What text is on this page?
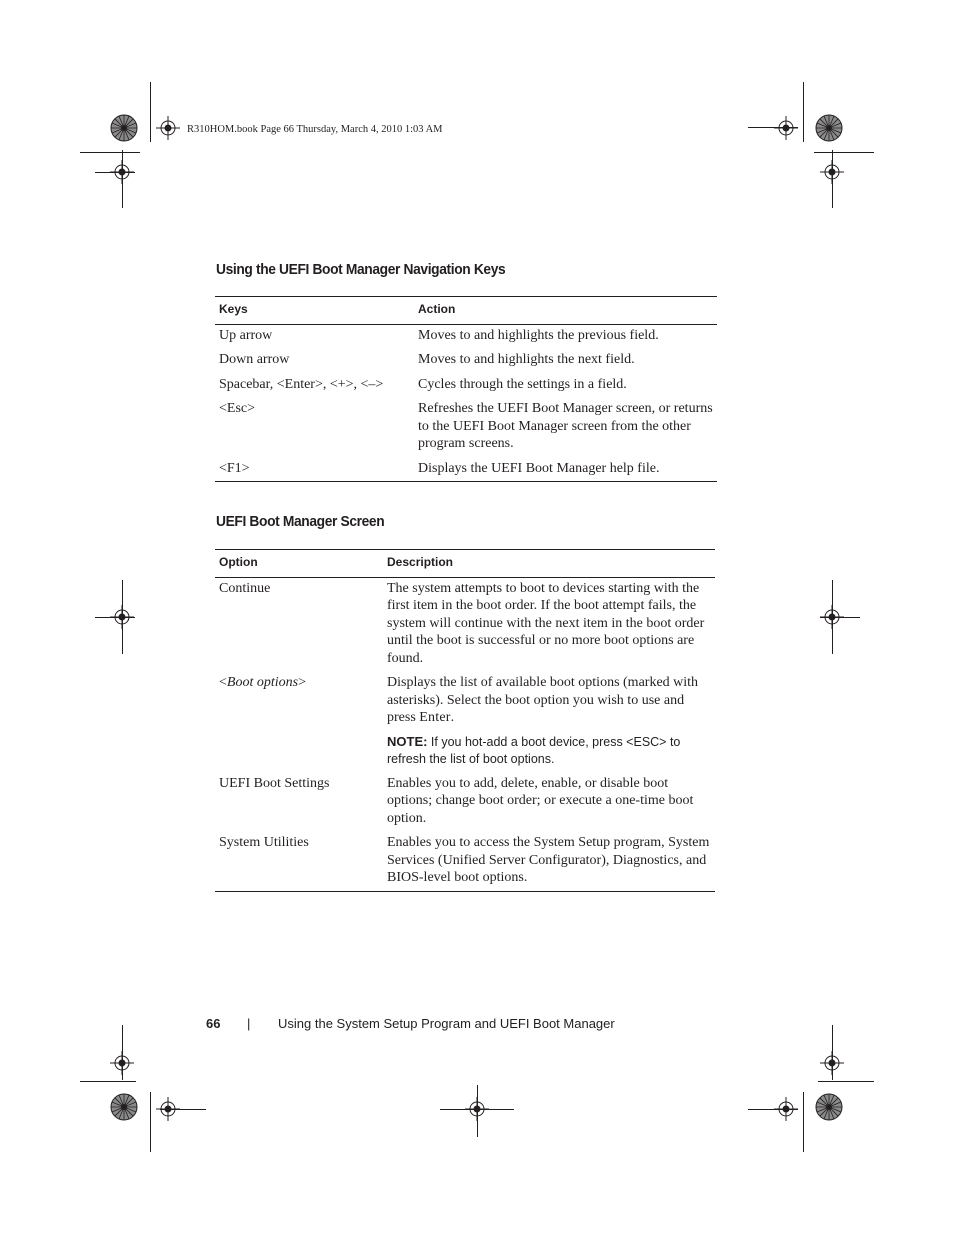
R310HOM.book Page 66 Thursday, March 4, 2010 1:03 AM
Using the UEFI Boot Manager Navigation Keys
Keys	Action
Up arrow	Moves to and highlights the previous field.
Down arrow	Moves to and highlights the next field.
Spacebar, <Enter>, <+>, <–>	Cycles through the settings in a field.
<Esc>	Refreshes the UEFI Boot Manager screen, or returns to the UEFI Boot Manager screen from the other program screens.
<F1>	Displays the UEFI Boot Manager help file.
UEFI Boot Manager Screen
Option	Description
Continue	The system attempts to boot to devices starting with the first item in the boot order. If the boot attempt fails, the system will continue with the next item in the boot order until the boot is successful or no more boot options are found.
<Boot options>	Displays the list of available boot options (marked with asterisks). Select the boot option you wish to use and press Enter.
NOTE: If you hot-add a boot device, press <ESC> to refresh the list of boot options.

UEFI Boot Settings	Enables you to add, delete, enable, or disable boot options; change boot order; or execute a one-time boot option.
System Utilities	Enables you to access the System Setup program, System Services (Unified Server Configurator), Diagnostics, and BIOS-level boot options.
66 | Using the System Setup Program and UEFI Boot Manager
